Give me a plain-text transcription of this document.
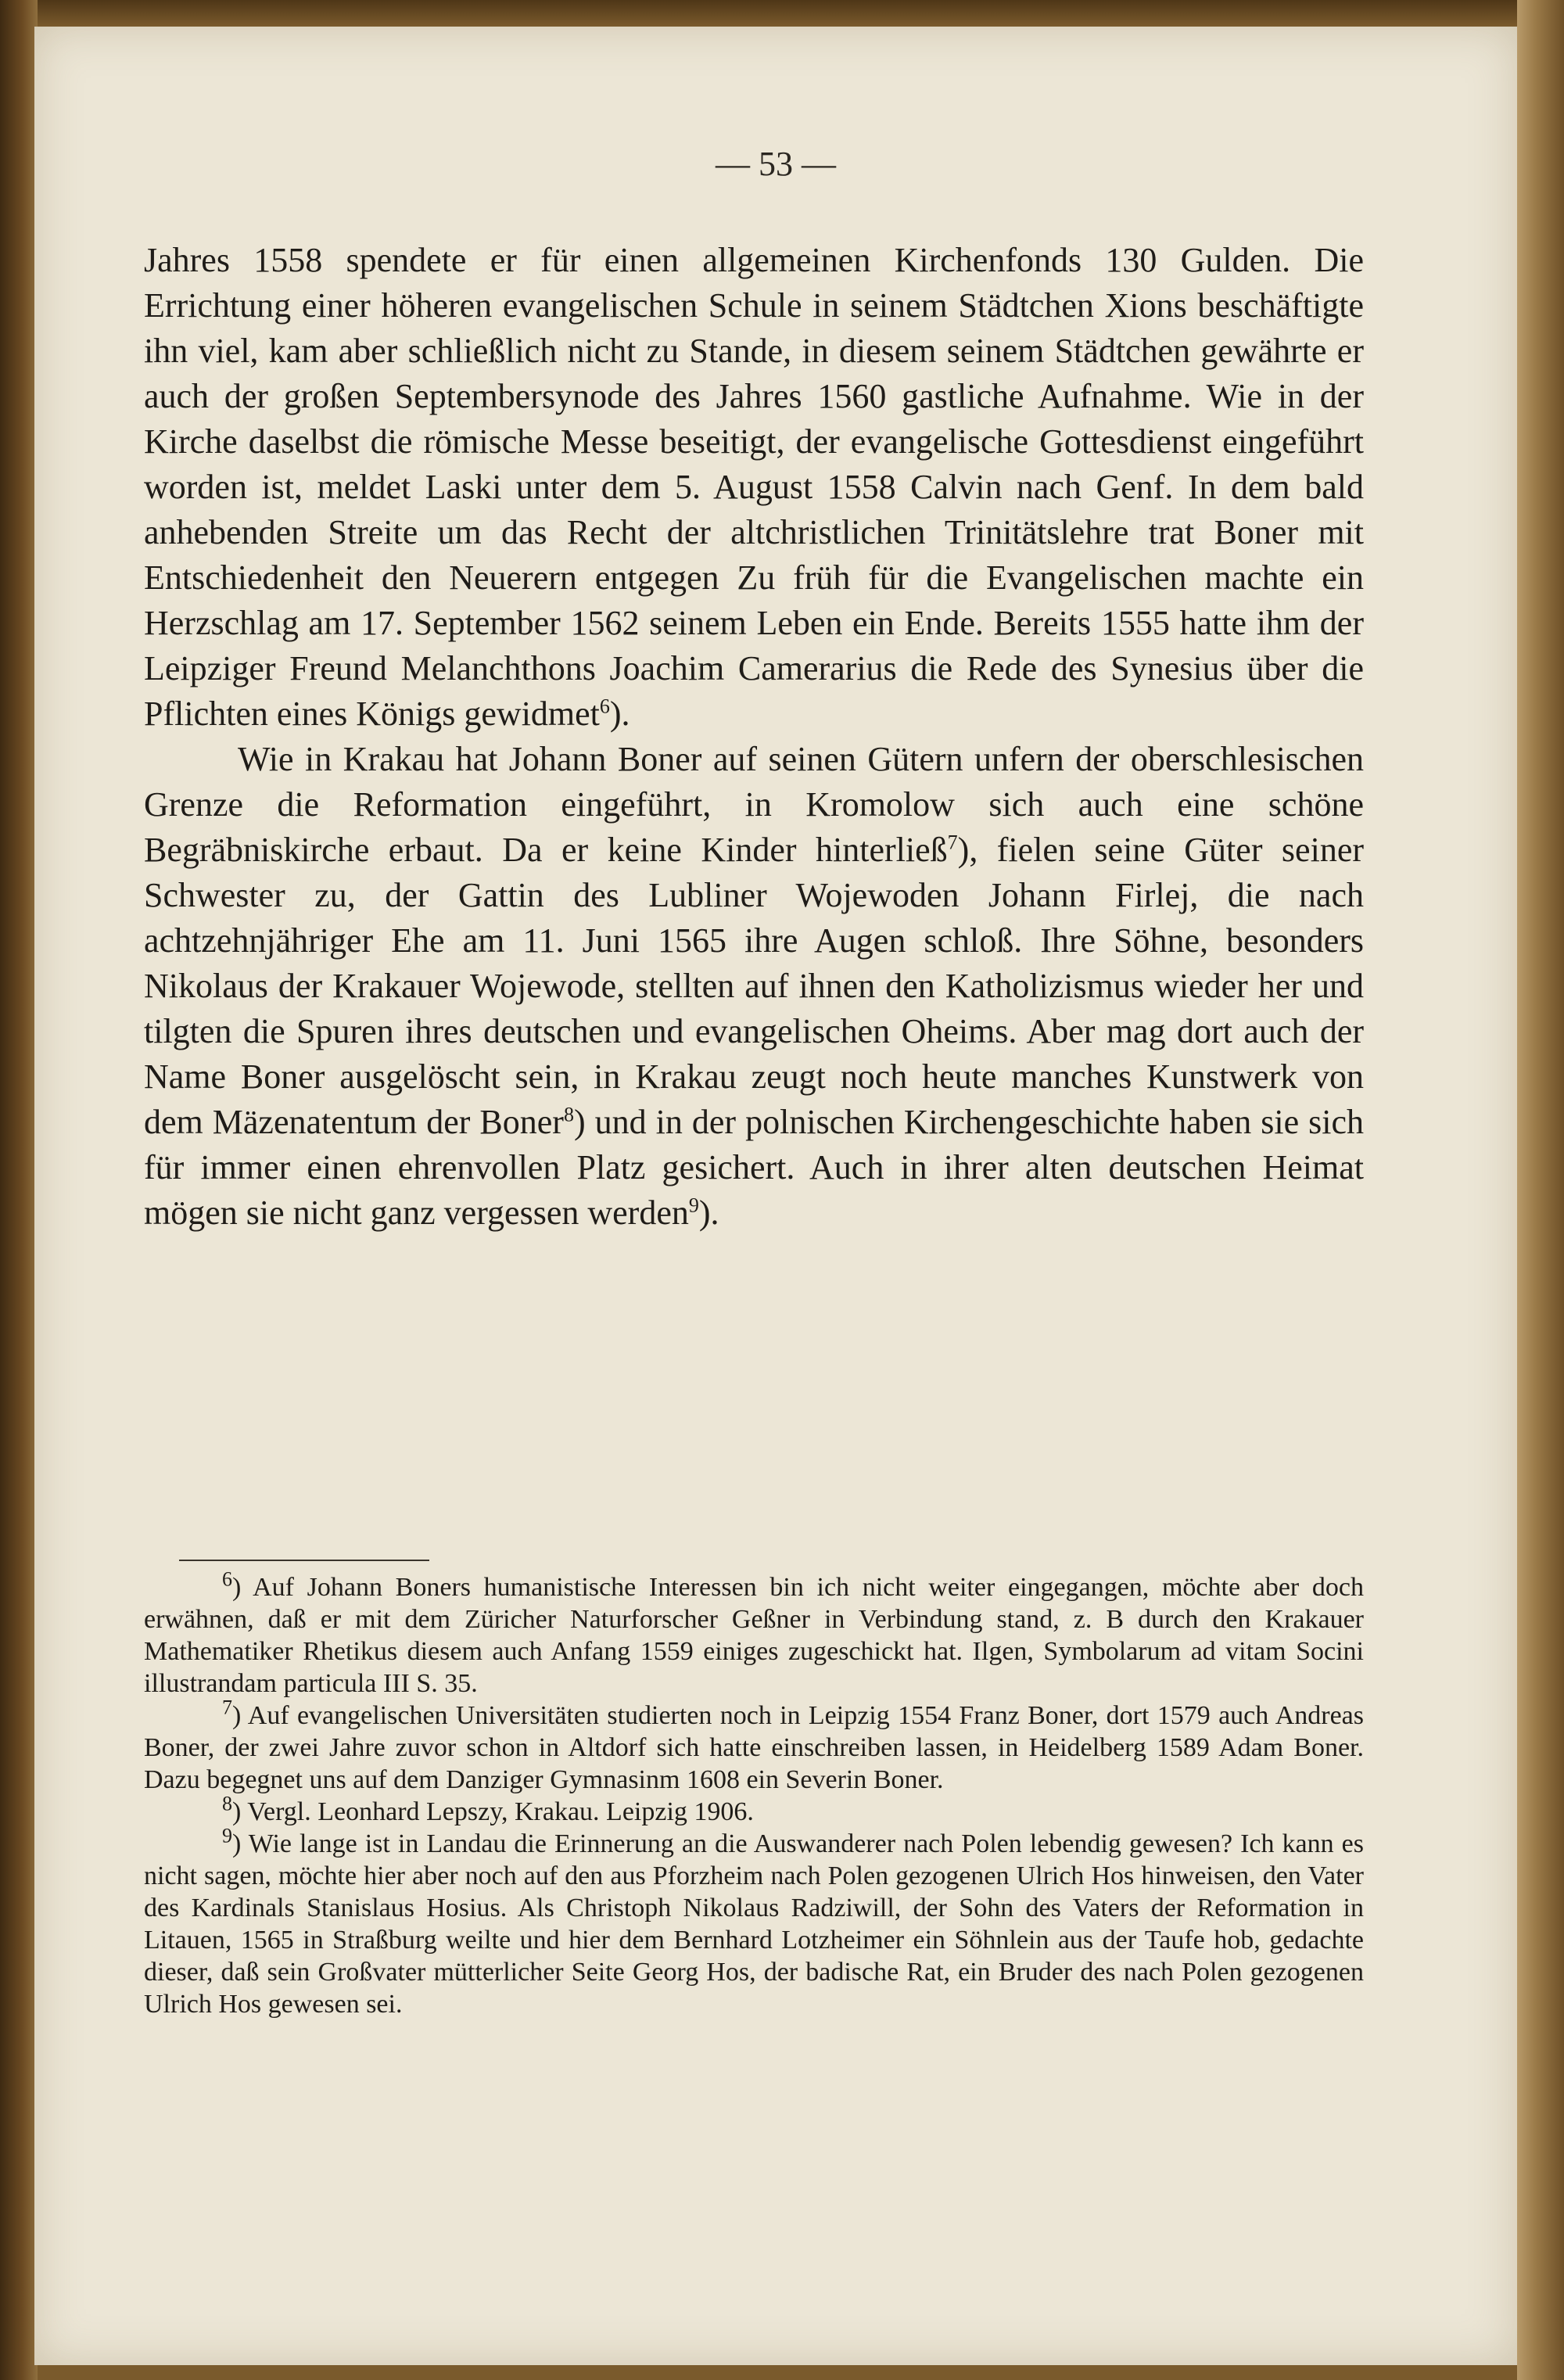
— 53 —

Jahres 1558 spendete er für einen allgemeinen Kirchenfonds 130 Gulden. Die Errichtung einer höheren evangelischen Schule in seinem Städtchen Xions beschäftigte ihn viel, kam aber schließlich nicht zu Stande, in diesem seinem Städtchen gewährte er auch der großen Septembersynode des Jahres 1560 gastliche Aufnahme. Wie in der Kirche daselbst die römische Messe beseitigt, der evangelische Gottesdienst eingeführt worden ist, meldet Laski unter dem 5. August 1558 Calvin nach Genf. In dem bald anhebenden Streite um das Recht der altchristlichen Trinitätslehre trat Boner mit Entschiedenheit den Neuerern entgegen Zu früh für die Evangelischen machte ein Herzschlag am 17. September 1562 seinem Leben ein Ende. Bereits 1555 hatte ihm der Leipziger Freund Melanchthons Joachim Camerarius die Rede des Synesius über die Pflichten eines Königs gewidmet$^6$).

Wie in Krakau hat Johann Boner auf seinen Gütern unfern der oberschlesischen Grenze die Reformation eingeführt, in Kromolow sich auch eine schöne Begräbniskirche erbaut. Da er keine Kinder hinterließ$^7$), fielen seine Güter seiner Schwester zu, der Gattin des Lubliner Wojewoden Johann Firlej, die nach achtzehnjähriger Ehe am 11. Juni 1565 ihre Augen schloß. Ihre Söhne, besonders Nikolaus der Krakauer Wojewode, stellten auf ihnen den Katholizismus wieder her und tilgten die Spuren ihres deutschen und evangelischen Oheims. Aber mag dort auch der Name Boner ausgelöscht sein, in Krakau zeugt noch heute manches Kunstwerk von dem Mäzenatentum der Boner$^8$) und in der polnischen Kirchengeschichte haben sie sich für immer einen ehrenvollen Platz gesichert. Auch in ihrer alten deutschen Heimat mögen sie nicht ganz vergessen werden$^9$).

$^6$) Auf Johann Boners humanistische Interessen bin ich nicht weiter eingegangen, möchte aber doch erwähnen, daß er mit dem Züricher Naturforscher Geßner in Verbindung stand, z. B durch den Krakauer Mathematiker Rhetikus diesem auch Anfang 1559 einiges zugeschickt hat. Ilgen, Symbolarum ad vitam Socini illustrandam particula III S. 35.

$^7$) Auf evangelischen Universitäten studierten noch in Leipzig 1554 Franz Boner, dort 1579 auch Andreas Boner, der zwei Jahre zuvor schon in Altdorf sich hatte einschreiben lassen, in Heidelberg 1589 Adam Boner. Dazu begegnet uns auf dem Danziger Gymnasinm 1608 ein Severin Boner.

$^8$) Vergl. Leonhard Lepszy, Krakau. Leipzig 1906.

$^9$) Wie lange ist in Landau die Erinnerung an die Auswanderer nach Polen lebendig gewesen? Ich kann es nicht sagen, möchte hier aber noch auf den aus Pforzheim nach Polen gezogenen Ulrich Hos hinweisen, den Vater des Kardinals Stanislaus Hosius. Als Christoph Nikolaus Radziwill, der Sohn des Vaters der Reformation in Litauen, 1565 in Straßburg weilte und hier dem Bernhard Lotzheimer ein Söhnlein aus der Taufe hob, gedachte dieser, daß sein Großvater mütterlicher Seite Georg Hos, der badische Rat, ein Bruder des nach Polen gezogenen Ulrich Hos gewesen sei.
